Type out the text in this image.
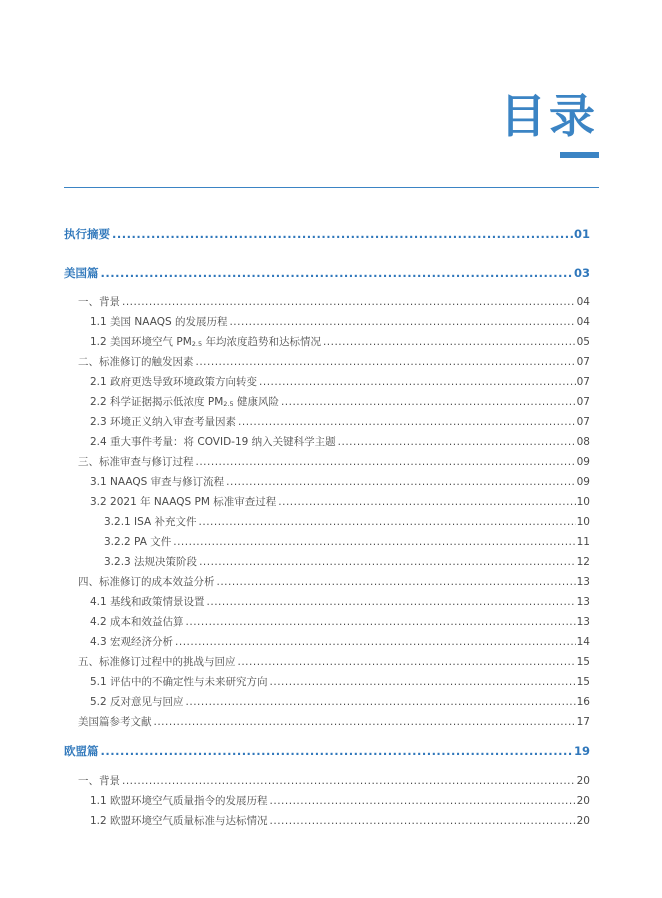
目录
执行摘要 .....	01
美国篇 .....	03
一、背景 .....	04
1.1 美国 NAAQS 的发展历程 .....	04
1.2 美国环境空气 $PM_{2.5}$ 年均浓度趋势和达标情况 .....	05
二、标准修订的触发因素 .....	07
2.1 政府更迭导致环境政策方向转变 .....	07
2.2 科学证据揭示低浓度 $PM_{2.5}$ 健康风险 .....	07
2.3 环境正义纳入审查考量因素 .....	07
2.4 重大事件考量：将 COVID-19 纳入关键科学主题 .....	08
三、标准审查与修订过程 .....	09
3.1 NAAQS 审查与修订流程 .....	09
3.2 2021 年 NAAQS PM 标准审查过程 .....	10
3.2.1 ISA 补充文件 .....	10
3.2.2 PA 文件 .....	11
3.2.3 法规决策阶段 .....	12
四、标准修订的成本效益分析 .....	13
4.1 基线和政策情景设置 .....	13
4.2 成本和效益估算 .....	13
4.3 宏观经济分析 .....	14
五、标准修订过程中的挑战与回应 .....	15
5.1 评估中的不确定性与未来研究方向 .....	15
5.2 反对意见与回应 .....	16
美国篇参考文献 .....	17
欧盟篇 .....	19
一、背景 .....	20
1.1 欧盟环境空气质量指令的发展历程 .....	20
1.2 欧盟环境空气质量标准与达标情况 .....	20
